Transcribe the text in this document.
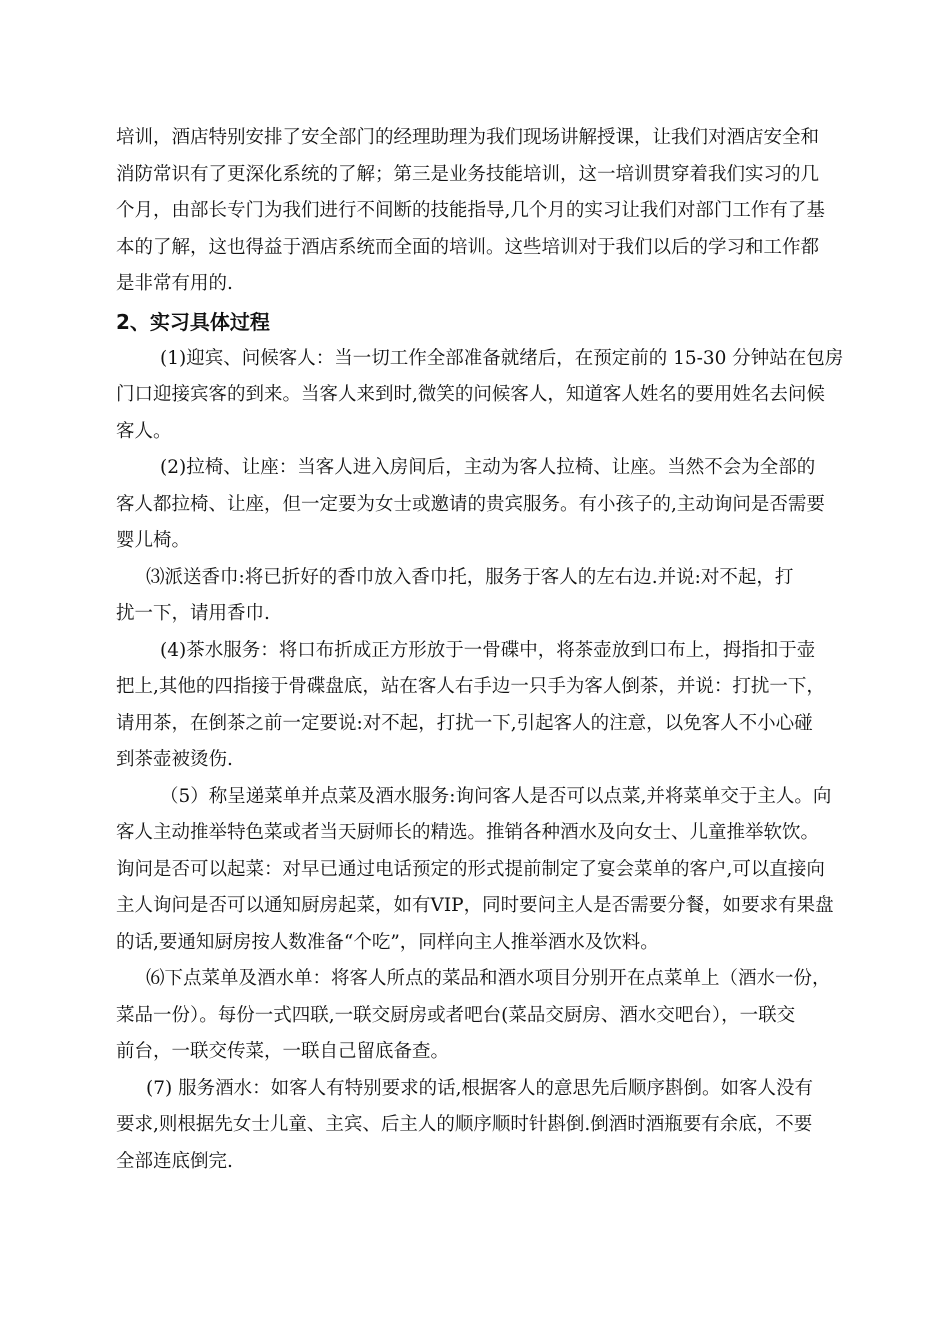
培训，酒店特别安排了安全部门的经理助理为我们现场讲解授课，让我们对酒店安全和
消防常识有了更深化系统的了解；第三是业务技能培训，这一培训贯穿着我们实习的几
个月，由部长专门为我们进行不间断的技能指导,几个月的实习让我们对部门工作有了基
本的了解，这也得益于酒店系统而全面的培训。这些培训对于我们以后的学习和工作都
是非常有用的.
2、实习具体过程
(1)迎宾、问候客人：当一切工作全部准备就绪后，在预定前的 15-30 分钟站在包房
门口迎接宾客的到来。当客人来到时,微笑的问候客人，知道客人姓名的要用姓名去问候
客人。
(2)拉椅、让座：当客人进入房间后，主动为客人拉椅、让座。当然不会为全部的
客人都拉椅、让座，但一定要为女士或邀请的贵宾服务。有小孩子的,主动询问是否需要
婴儿椅。
⑶派送香巾:将已折好的香巾放入香巾托，服务于客人的左右边.并说:对不起，打
扰一下，请用香巾.
(4)茶水服务：将口布折成正方形放于一骨碟中，将茶壶放到口布上，拇指扣于壶
把上,其他的四指接于骨碟盘底，站在客人右手边一只手为客人倒茶，并说：打扰一下，
请用茶，在倒茶之前一定要说:对不起，打扰一下,引起客人的注意，以免客人不小心碰
到茶壶被烫伤.
（5）称呈递菜单并点菜及酒水服务:询问客人是否可以点菜,并将菜单交于主人。向
客人主动推举特色菜或者当天厨师长的精选。推销各种酒水及向女士、儿童推举软饮。
询问是否可以起菜：对早已通过电话预定的形式提前制定了宴会菜单的客户,可以直接向
主人询问是否可以通知厨房起菜，如有VIP，同时要问主人是否需要分餐，如要求有果盘
的话,要通知厨房按人数准备“个吃”，同样向主人推举酒水及饮料。
⑹下点菜单及酒水单：将客人所点的菜品和酒水项目分别开在点菜单上（酒水一份，
菜品一份）。每份一式四联,一联交厨房或者吧台(菜品交厨房、酒水交吧台），一联交
前台，一联交传菜，一联自己留底备查。
(7) 服务酒水：如客人有特别要求的话,根据客人的意思先后顺序斟倒。如客人没有
要求,则根据先女士儿童、主宾、后主人的顺序顺时针斟倒.倒酒时酒瓶要有余底，不要
全部连底倒完.
